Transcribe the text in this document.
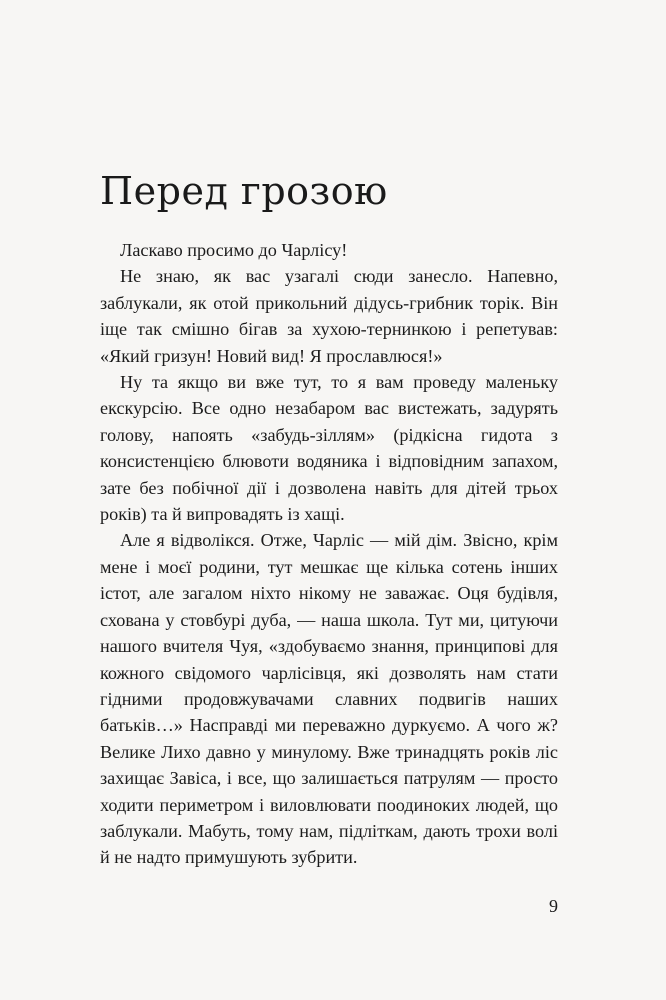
Перед грозою

Ласкаво просимо до Чарлісу!

Не знаю, як вас узагалі сюди занесло. Напевно, заблукали, як отой прикольний дідусь-грибник торік. Він іще так смішно бігав за хухою-тернинкою і репетував: «Який гризун! Новий вид! Я прославлюся!»

Ну та якщо ви вже тут, то я вам проведу маленьку екскурсію. Все одно незабаром вас вистежать, задурять голову, напоять «забудь-зіллям» (рідкісна гидота з консистенцією блювоти водяника і відповідним запахом, зате без побічної дії і дозволена навіть для дітей трьох років) та й випровадять із хащі.

Але я відволікся. Отже, Чарліс — мій дім. Звісно, крім мене і моєї родини, тут мешкає ще кілька сотень інших істот, але загалом ніхто нікому не заважає. Оця будівля, схована у стовбурі дуба, — наша школа. Тут ми, цитуючи нашого вчителя Чуя, «здобуваємо знання, принципові для кожного свідомого чарлісівця, які дозволять нам стати гідними продовжувачами славних подвигів наших батьків…» Насправді ми переважно дуркуємо. А чого ж? Велике Лихо давно у минулому. Вже тринадцять років ліс захищає Завіса, і все, що залишається патрулям — просто ходити периметром і виловлювати поодиноких людей, що заблукали. Мабуть, тому нам, підліткам, дають трохи волі й не надто примушують зубрити.

9
